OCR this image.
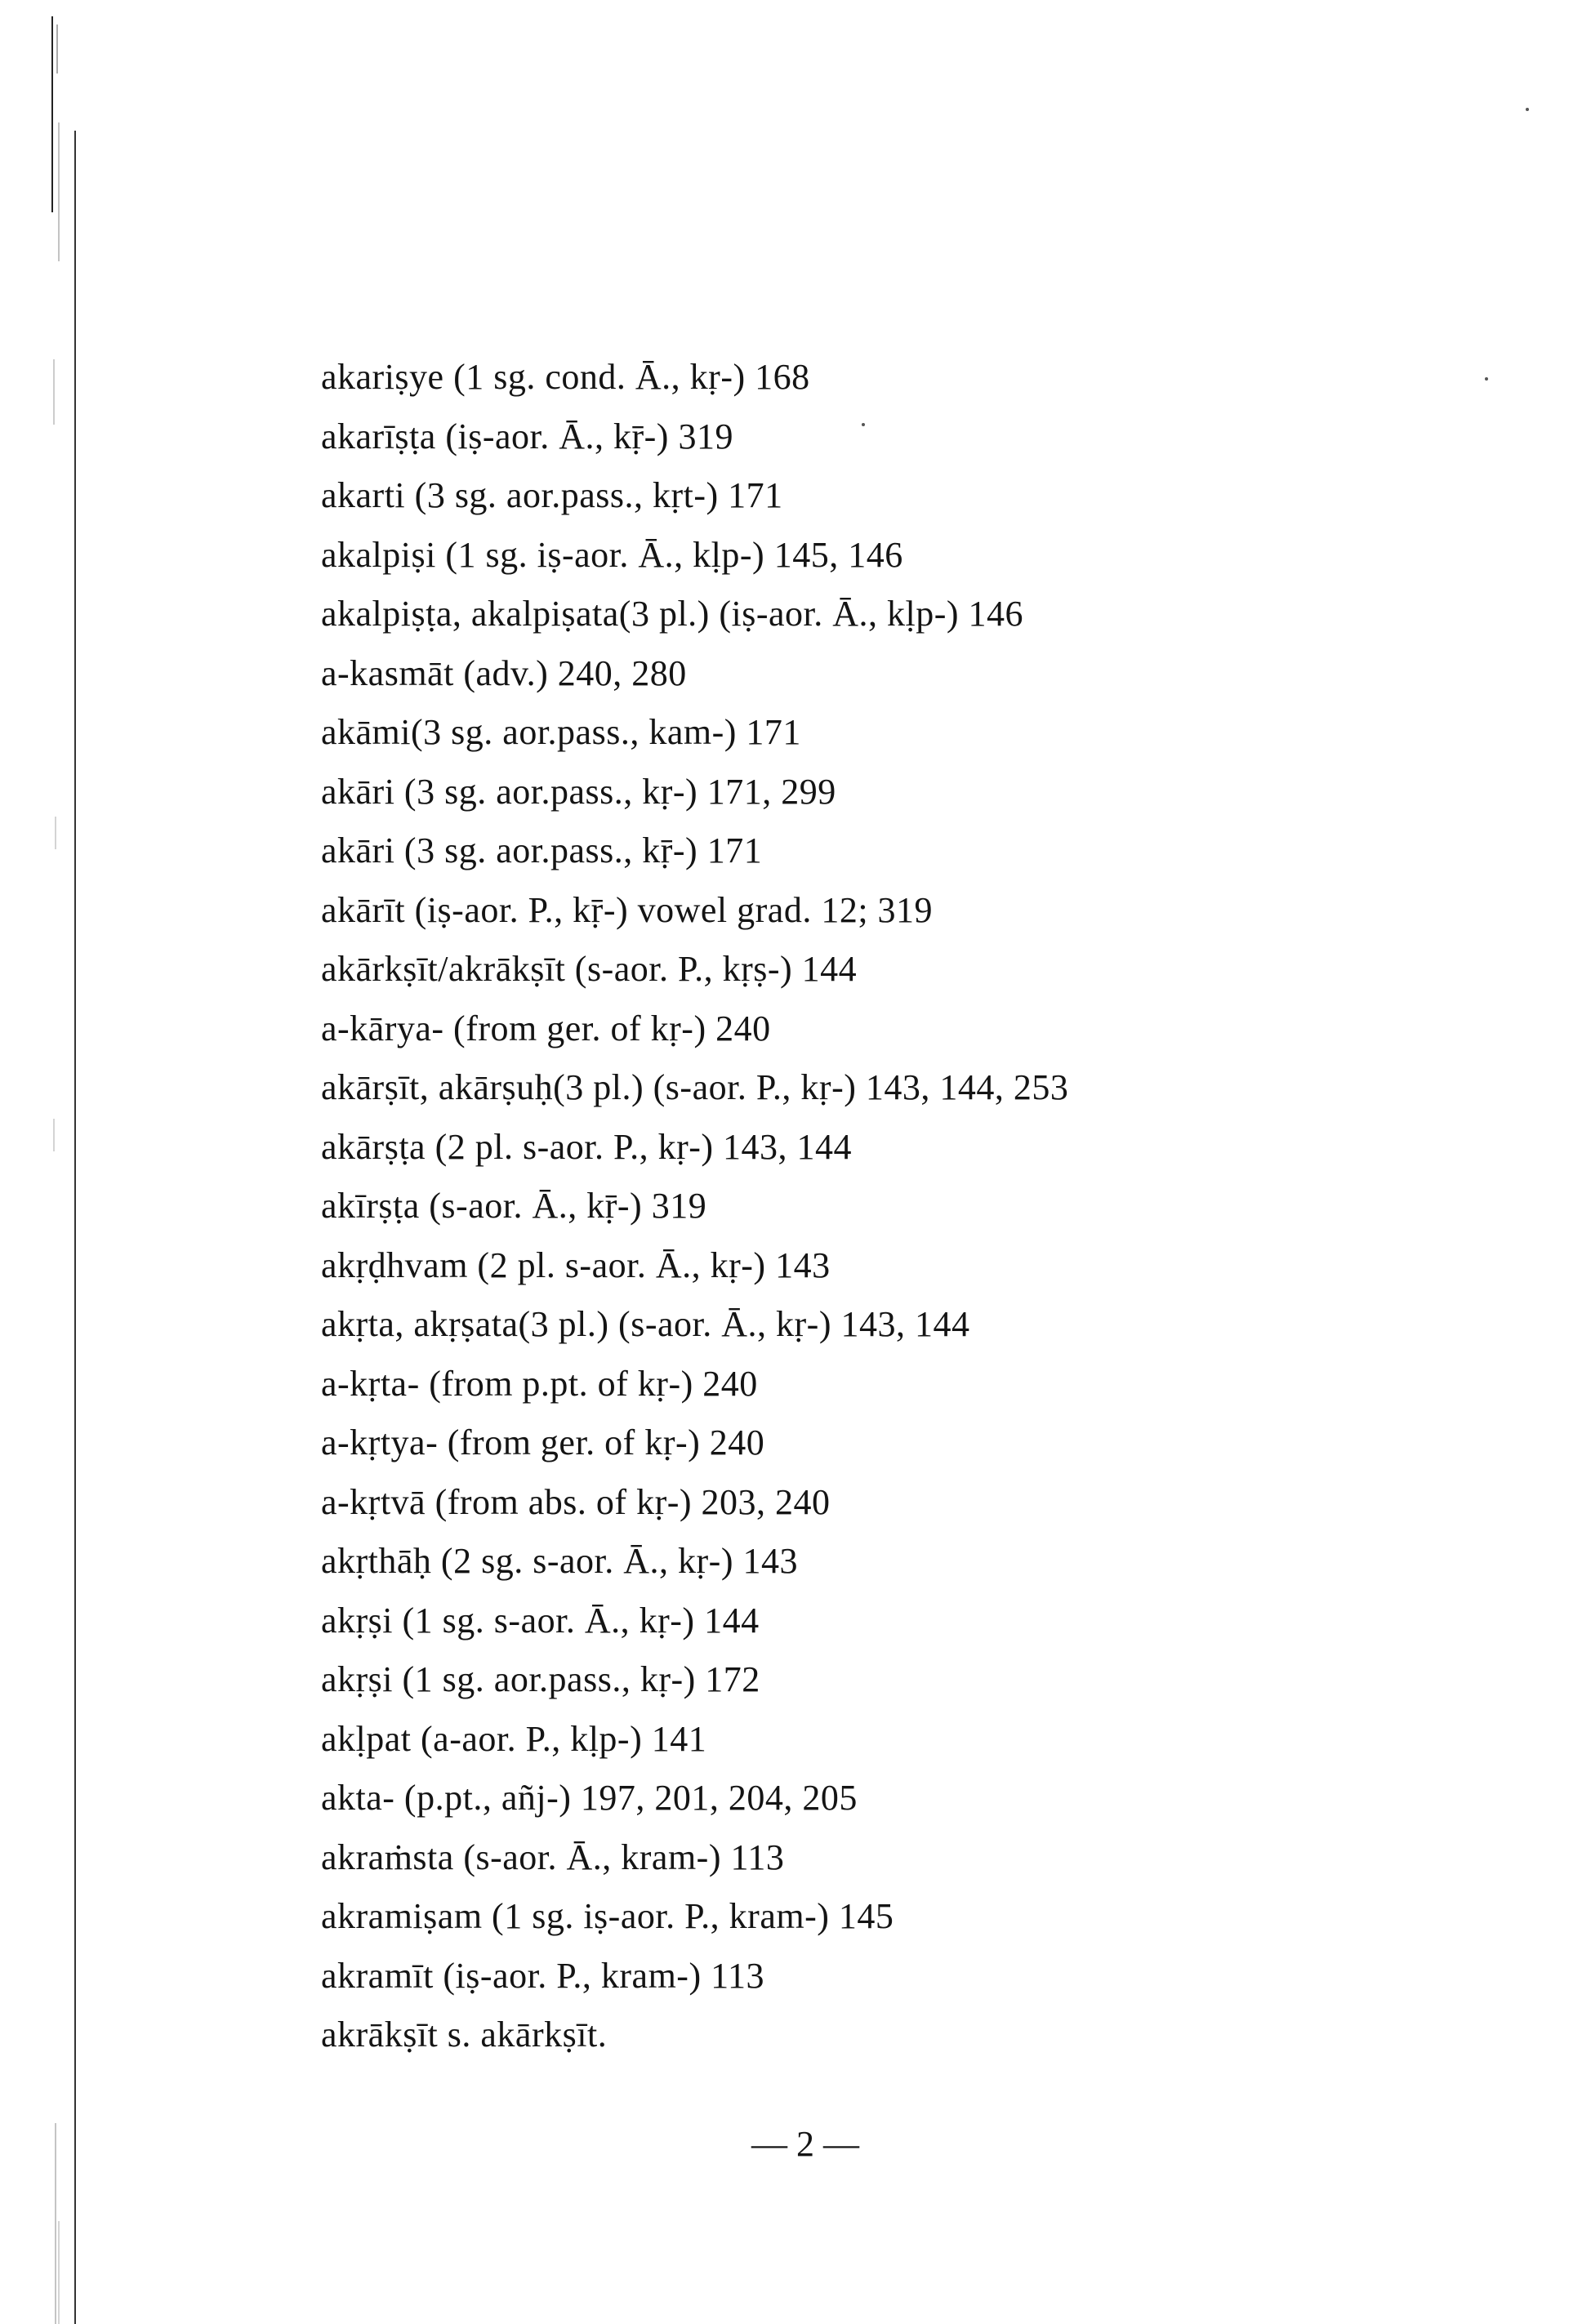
akariṣye (1 sg. cond. Ā., kṛ-) 168
akarīṣṭa (iṣ-aor. Ā., kṝ-) 319
akarti (3 sg. aor.pass., kṛt-) 171
akalpiṣi (1 sg. iṣ-aor. Ā., kḷp-) 145, 146
akalpiṣṭa, akalpiṣata(3 pl.) (iṣ-aor. Ā., kḷp-) 146
a-kasmāt (adv.) 240, 280
akāmi(3 sg. aor.pass., kam-) 171
akāri (3 sg. aor.pass., kṛ-) 171, 299
akāri (3 sg. aor.pass., kṝ-) 171
akārīt (iṣ-aor. P., kṝ-) vowel grad. 12; 319
akārkṣīt/akrākṣīt (s-aor. P., kṛṣ-) 144
a-kārya- (from ger. of kṛ-) 240
akārṣīt, akārṣuḥ(3 pl.) (s-aor. P., kṛ-) 143, 144, 253
akārṣṭa (2 pl. s-aor. P., kṛ-) 143, 144
akīrṣṭa (s-aor. Ā., kṝ-) 319
akṛḍhvam (2 pl. s-aor. Ā., kṛ-) 143
akṛta, akṛṣata(3 pl.) (s-aor. Ā., kṛ-) 143, 144
a-kṛta- (from p.pt. of kṛ-) 240
a-kṛtya- (from ger. of kṛ-) 240
a-kṛtvā (from abs. of kṛ-) 203, 240
akṛthāḥ (2 sg. s-aor. Ā., kṛ-) 143
akṛṣi (1 sg. s-aor. Ā., kṛ-) 144
akṛṣi (1 sg. aor.pass., kṛ-) 172
akḷpat (a-aor. P., kḷp-) 141
akta- (p.pt., añj-) 197, 201, 204, 205
akraṁsta (s-aor. Ā., kram-) 113
akramiṣam (1 sg. iṣ-aor. P., kram-) 145
akramīt (iṣ-aor. P., kram-) 113
akrākṣīt s. akārkṣīt.
— 2 —
